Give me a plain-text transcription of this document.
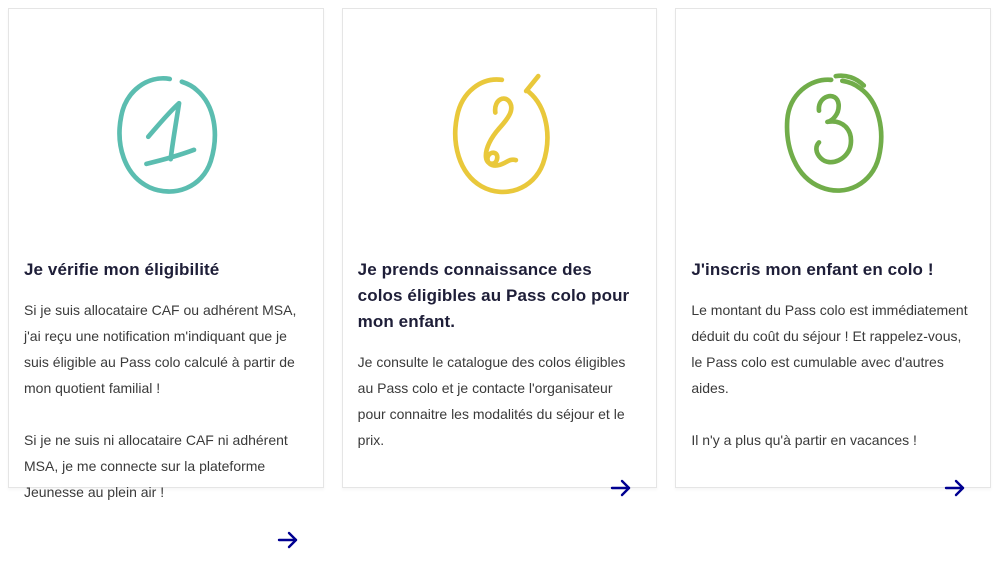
Je vérifie mon éligibilité

Si je suis allocataire CAF ou adhérent MSA, j'ai reçu une notification m'indiquant que je suis éligible au Pass colo calculé à partir de mon quotient familial !

Si je ne suis ni allocataire CAF ni adhérent MSA, je me connecte sur la plateforme Jeunesse au plein air !

Je prends connaissance des colos éligibles au Pass colo pour mon enfant.

Je consulte le catalogue des colos éligibles au Pass colo et je contacte l'organisateur pour connaitre les modalités du séjour et le prix.

J'inscris mon enfant en colo !

Le montant du Pass colo est immédiatement déduit du coût du séjour ! Et rappelez-vous, le Pass colo est cumulable avec d'autres aides.

Il n'y a plus qu'à partir en vacances !
